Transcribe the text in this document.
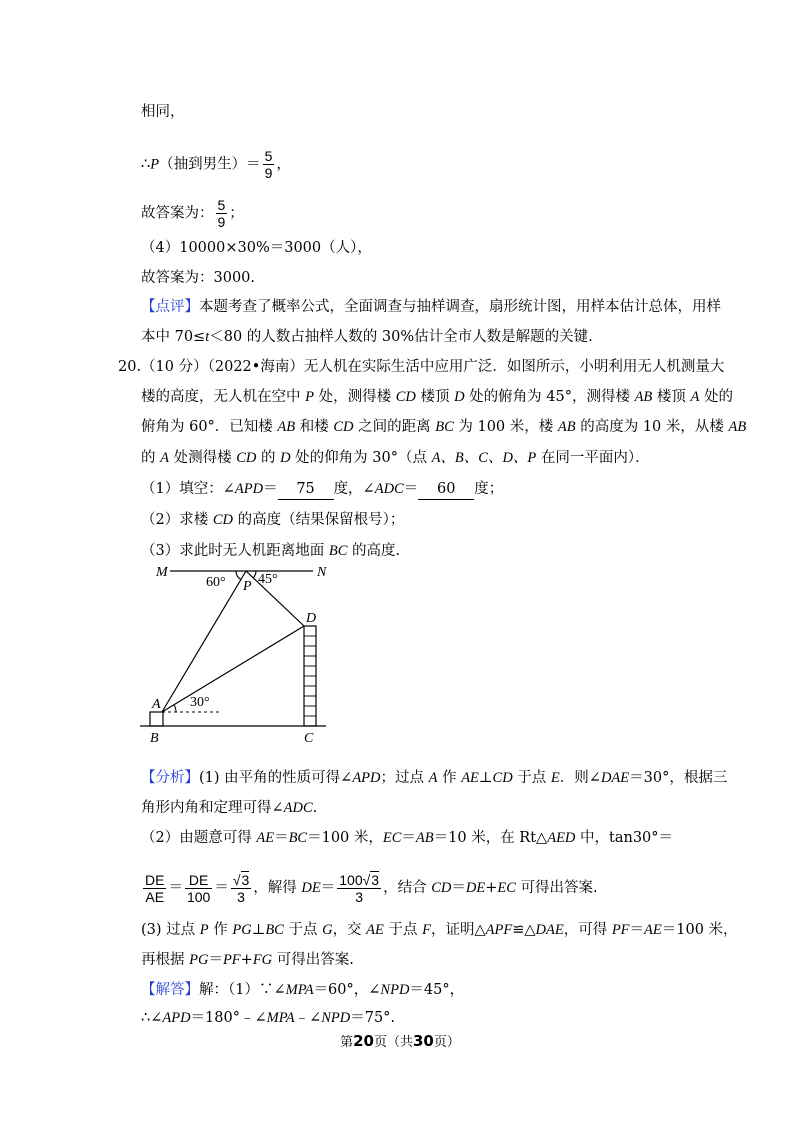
相同，
∴P（抽到男生）＝ $\frac{5}{9}$ ，
故答案为： $\frac{5}{9}$ ；
（4）10000×30%＝3000（人），
故答案为：3000.
【点评】本题考查了概率公式，全面调查与抽样调查，扇形统计图，用样本估计总体，用样
本中 70≤t＜80 的人数占抽样人数的 30%估计全市人数是解题的关键.
20.（10 分）（2022•海南）无人机在实际生活中应用广泛．如图所示，小明利用无人机测量大
楼的高度，无人机在空中 P 处，测得楼 CD 楼顶 D 处的俯角为 45°，测得楼 AB 楼顶 A 处的
俯角为 60°．已知楼 AB 和楼 CD 之间的距离 BC 为 100 米，楼 AB 的高度为 10 米，从楼 AB
的 A 处测得楼 CD 的 D 处的仰角为 30°（点 A、B、C、D、P 在同一平面内）．
（1）填空：∠APD＝ 75 度，∠ADC＝ 60 度；
（2）求楼 CD 的高度（结果保留根号）；
（3）求此时无人机距离地面 BC 的高度.
M	N
P
60° 45°
D
A 30°
B	C
【分析】(1) 由平角的性质可得∠APD；过点 A 作 AE⊥CD 于点 E．则∠DAE＝30°，根据三
角形内角和定理可得∠ADC.
（2）由题意可得 AE＝BC＝100 米，EC＝AB＝10 米，在 Rt△AED 中，tan30°＝
$\frac{DE}{AE} = \frac{DE}{100} = \frac{√3}{3}$ ，解得 $DE= \frac{100√3}{3}$ ，结合 CD＝DE+EC 可得出答案.
(3) 过点 P 作 PG⊥BC 于点 G，交 AE 于点 F，证明△APF≌△DAE，可得 PF＝AE＝100 米，
再根据 PG＝PF+FG 可得出答案.
【解答】解：（1）∵∠MPA＝60°，∠NPD＝45°，
∴∠APD＝180°﹣∠MPA﹣∠NPD＝75°.
第20页（共30页）
